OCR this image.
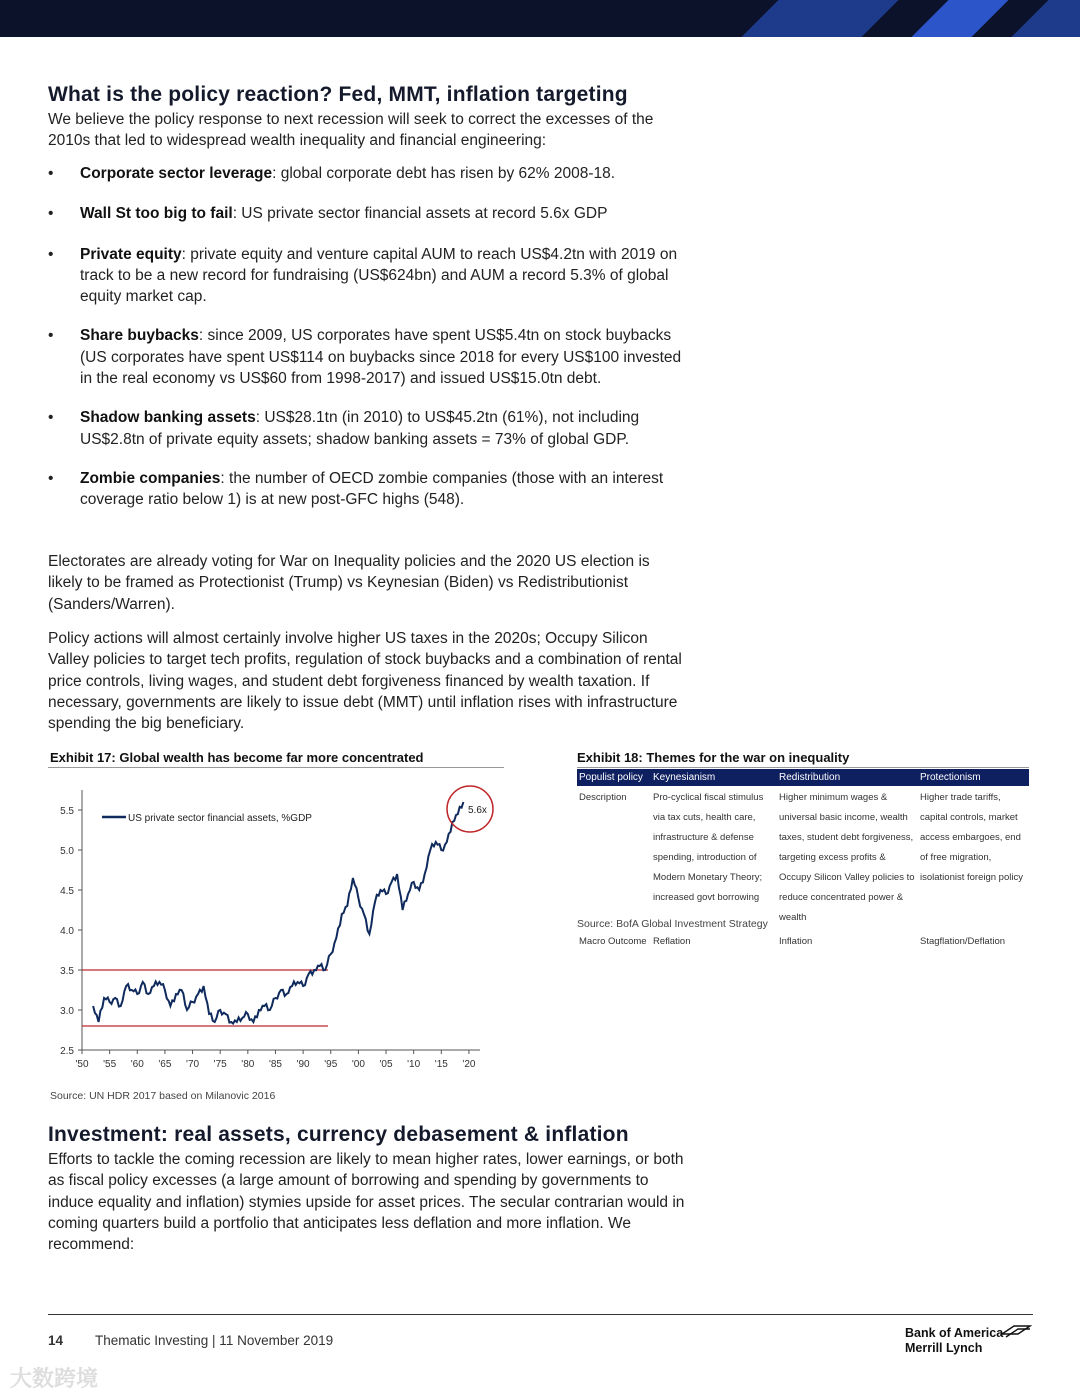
What is the policy reaction? Fed, MMT, inflation targeting

We believe the policy response to next recession will seek to correct the excesses of the 2010s that led to widespread wealth inequality and financial engineering:

• Corporate sector leverage: global corporate debt has risen by 62% 2008-18.
• Wall St too big to fail: US private sector financial assets at record 5.6x GDP
• Private equity: private equity and venture capital AUM to reach US$4.2tn with 2019 on track to be a new record for fundraising (US$624bn) and AUM a record 5.3% of global equity market cap.
• Share buybacks: since 2009, US corporates have spent US$5.4tn on stock buybacks (US corporates have spent US$114 on buybacks since 2018 for every US$100 invested in the real economy vs US$60 from 1998-2017) and issued US$15.0tn debt.
• Shadow banking assets: US$28.1tn (in 2010) to US$45.2tn (61%), not including US$2.8tn of private equity assets; shadow banking assets = 73% of global GDP.
• Zombie companies: the number of OECD zombie companies (those with an interest coverage ratio below 1) is at new post-GFC highs (548).

Electorates are already voting for War on Inequality policies and the 2020 US election is likely to be framed as Protectionist (Trump) vs Keynesian (Biden) vs Redistributionist (Sanders/Warren).

Policy actions will almost certainly involve higher US taxes in the 2020s; Occupy Silicon Valley policies to target tech profits, regulation of stock buybacks and a combination of rental price controls, living wages, and student debt forgiveness financed by wealth taxation. If necessary, governments are likely to issue debt (MMT) until inflation rises with infrastructure spending the big beneficiary.

Exhibit 17: Global wealth has become far more concentrated
5.5
5.0
4.5
4.0
3.5
3.0
2.5
'50 '55 '60 '65 '70 '75 '80 '85 '90 '95 '00 '05 '10 '15 '20
US private sector financial assets, %GDP
5.6x
Source: UN HDR 2017 based on Milanovic 2016
Exhibit 18: Themes for the war on inequality
Populist policy	Keynesianism	Redistribution	Protectionism
Description	Pro-cyclical fiscal stimulus via tax cuts, health care, infrastructure & defense spending, introduction of Modern Monetary Theory; increased govt borrowing	Higher minimum wages & universal basic income, wealth taxes, student debt forgiveness, targeting excess profits & Occupy Silicon Valley policies to reduce concentrated power & wealth	Higher trade tariffs, capital controls, market access embargoes, end of free migration, isolationist foreign policy
Macro Outcome	Reflation	Inflation	Stagflation/Deflation
Source: BofA Global Investment Strategy
Investment: real assets, currency debasement & inflation

Efforts to tackle the coming recession are likely to mean higher rates, lower earnings, or both as fiscal policy excesses (a large amount of borrowing and spending by governments to induce equality and inflation) stymies upside for asset prices. The secular contrarian would in coming quarters build a portfolio that anticipates less deflation and more inflation. We recommend:

14 Thematic Investing | 11 November 2019	Bank of America
Merrill Lynch
大数跨境
